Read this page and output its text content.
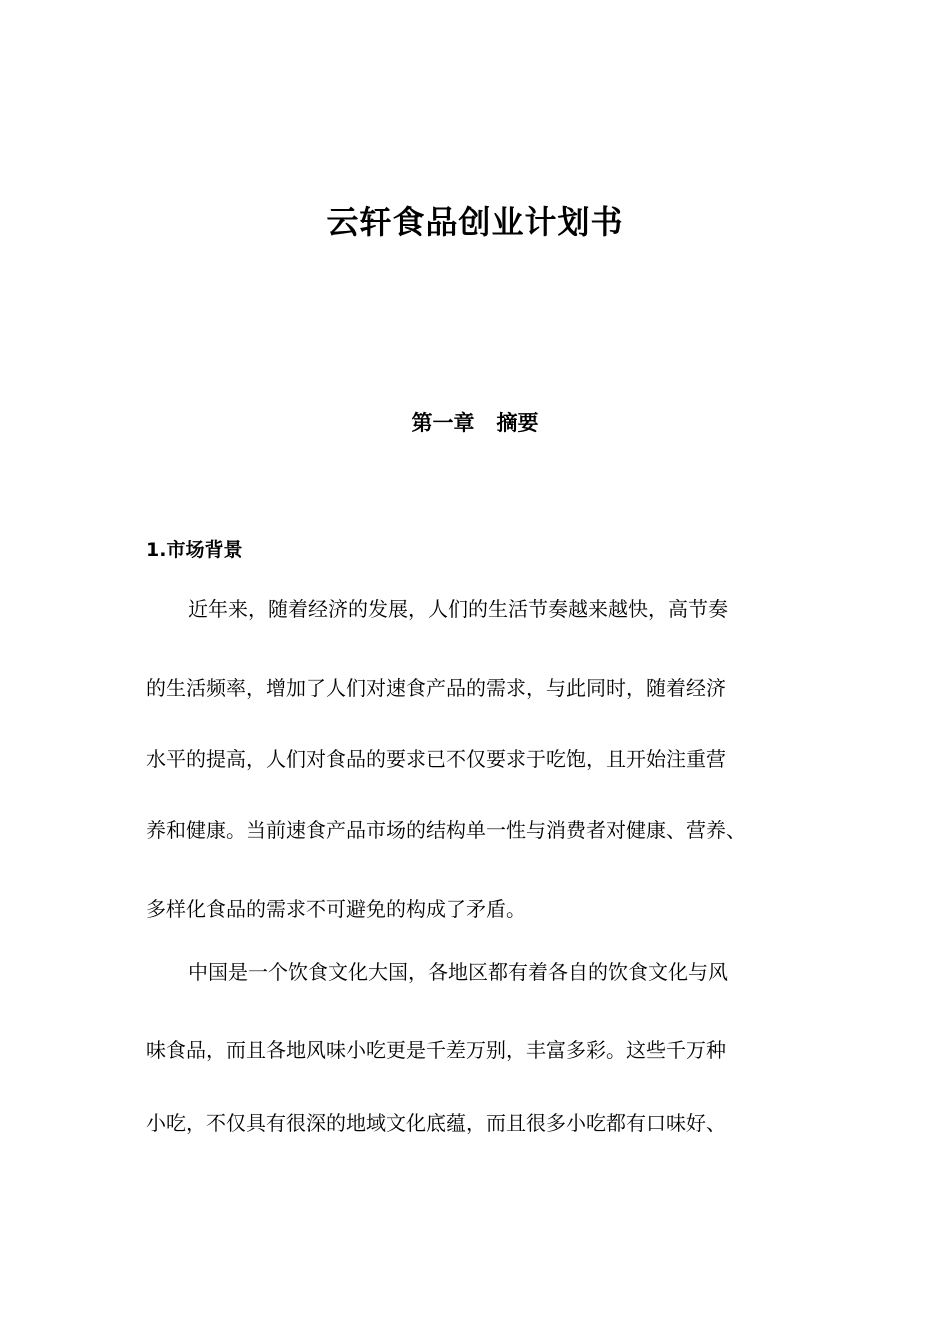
云轩食品创业计划书
第一章   摘要
1.市场背景
近年来，随着经济的发展，人们的生活节奏越来越快，高节奏
的生活频率，增加了人们对速食产品的需求，与此同时，随着经济
水平的提高，人们对食品的要求已不仅要求于吃饱，且开始注重营
养和健康。当前速食产品市场的结构单一性与消费者对健康、营养、
多样化食品的需求不可避免的构成了矛盾。
中国是一个饮食文化大国，各地区都有着各自的饮食文化与风
味食品，而且各地风味小吃更是千差万别，丰富多彩。这些千万种
小吃，不仅具有很深的地域文化底蕴，而且很多小吃都有口味好、
